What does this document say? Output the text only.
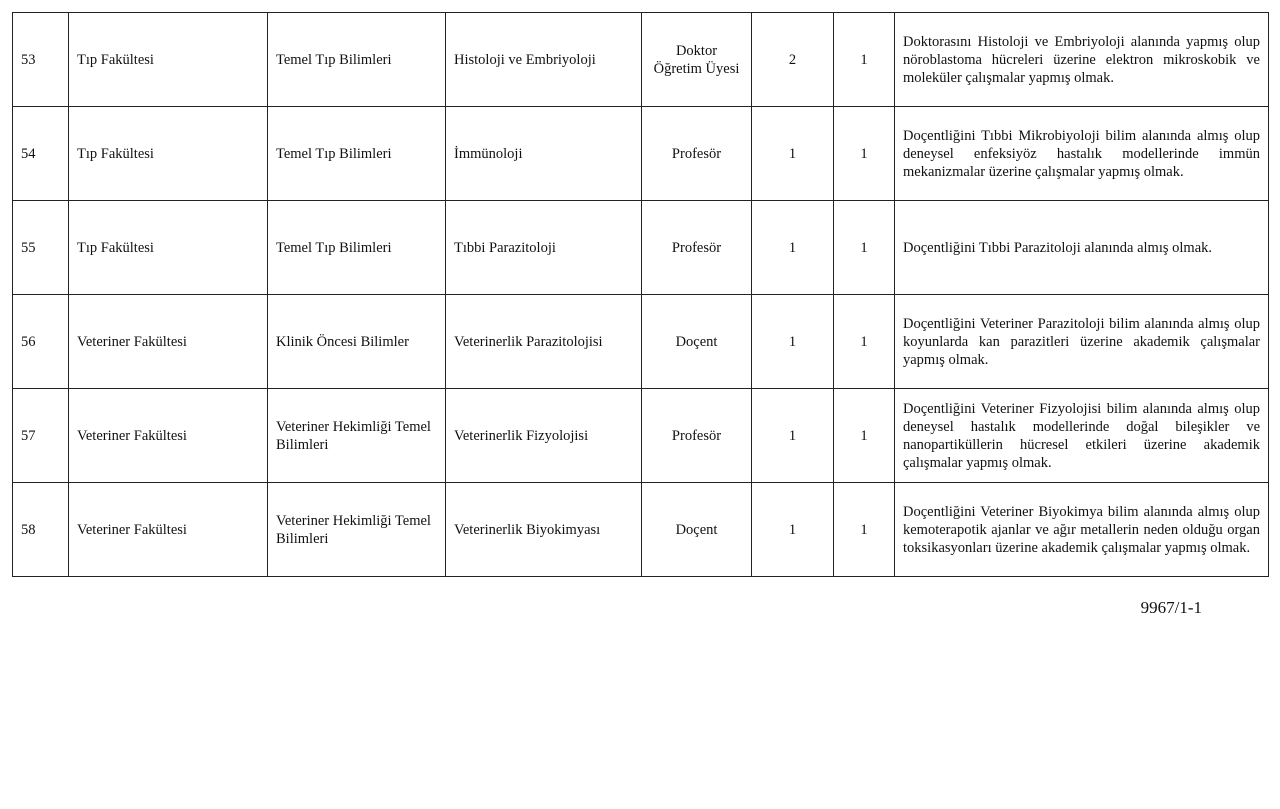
53	Tıp Fakültesi	Temel Tıp Bilimleri	Histoloji ve Embriyoloji	Doktor Öğretim Üyesi	2	1	Doktorasını Histoloji ve Embriyoloji alanında yapmış olup nöroblastoma hücreleri üzerine elektron mikroskobik ve moleküler çalışmalar yapmış olmak.
54	Tıp Fakültesi	Temel Tıp Bilimleri	İmmünoloji	Profesör	1	1	Doçentliğini Tıbbi Mikrobiyoloji bilim alanında almış olup deneysel enfeksiyöz hastalık modellerinde immün mekanizmalar üzerine çalışmalar yapmış olmak.
55	Tıp Fakültesi	Temel Tıp Bilimleri	Tıbbi Parazitoloji	Profesör	1	1	Doçentliğini Tıbbi Parazitoloji alanında almış olmak.
56	Veteriner Fakültesi	Klinik Öncesi Bilimler	Veterinerlik Parazitolojisi	Doçent	1	1	Doçentliğini Veteriner Parazitoloji bilim alanında almış olup koyunlarda kan parazitleri üzerine akademik çalışmalar yapmış olmak.
57	Veteriner Fakültesi	Veteriner Hekimliği Temel Bilimleri	Veterinerlik Fizyolojisi	Profesör	1	1	Doçentliğini Veteriner Fizyolojisi bilim alanında almış olup deneysel hastalık modellerinde doğal bileşikler ve nanopartiküllerin hücresel etkileri üzerine akademik çalışmalar yapmış olmak.
58	Veteriner Fakültesi	Veteriner Hekimliği Temel Bilimleri	Veterinerlik Biyokimyası	Doçent	1	1	Doçentliğini Veteriner Biyokimya bilim alanında almış olup kemoterapotik ajanlar ve ağır metallerin neden olduğu organ toksikasyonları üzerine akademik çalışmalar yapmış olmak.
9967/1-1
